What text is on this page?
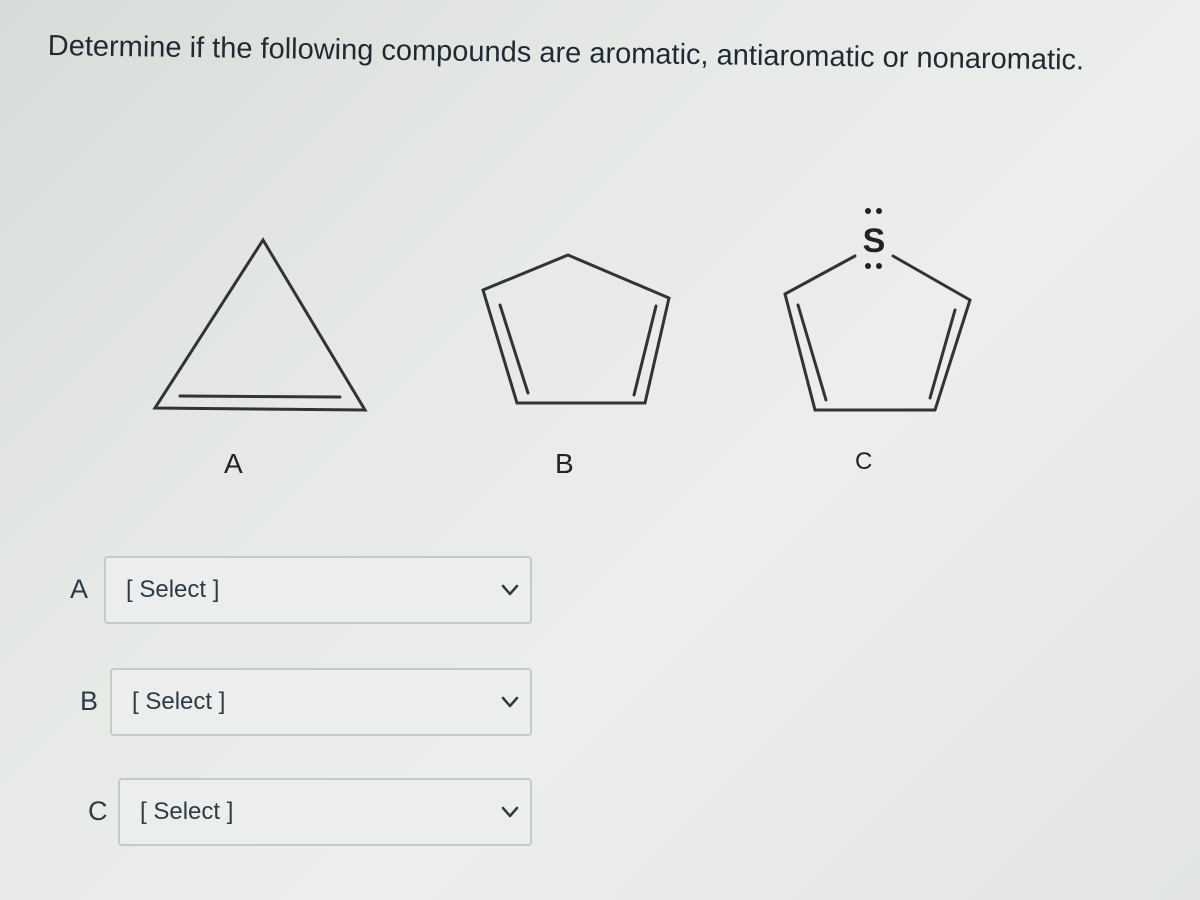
Determine if the following compounds are aromatic, antiaromatic or nonaromatic.
S
A	B	C
A [ Select ]
B [ Select ]
C [ Select ]
